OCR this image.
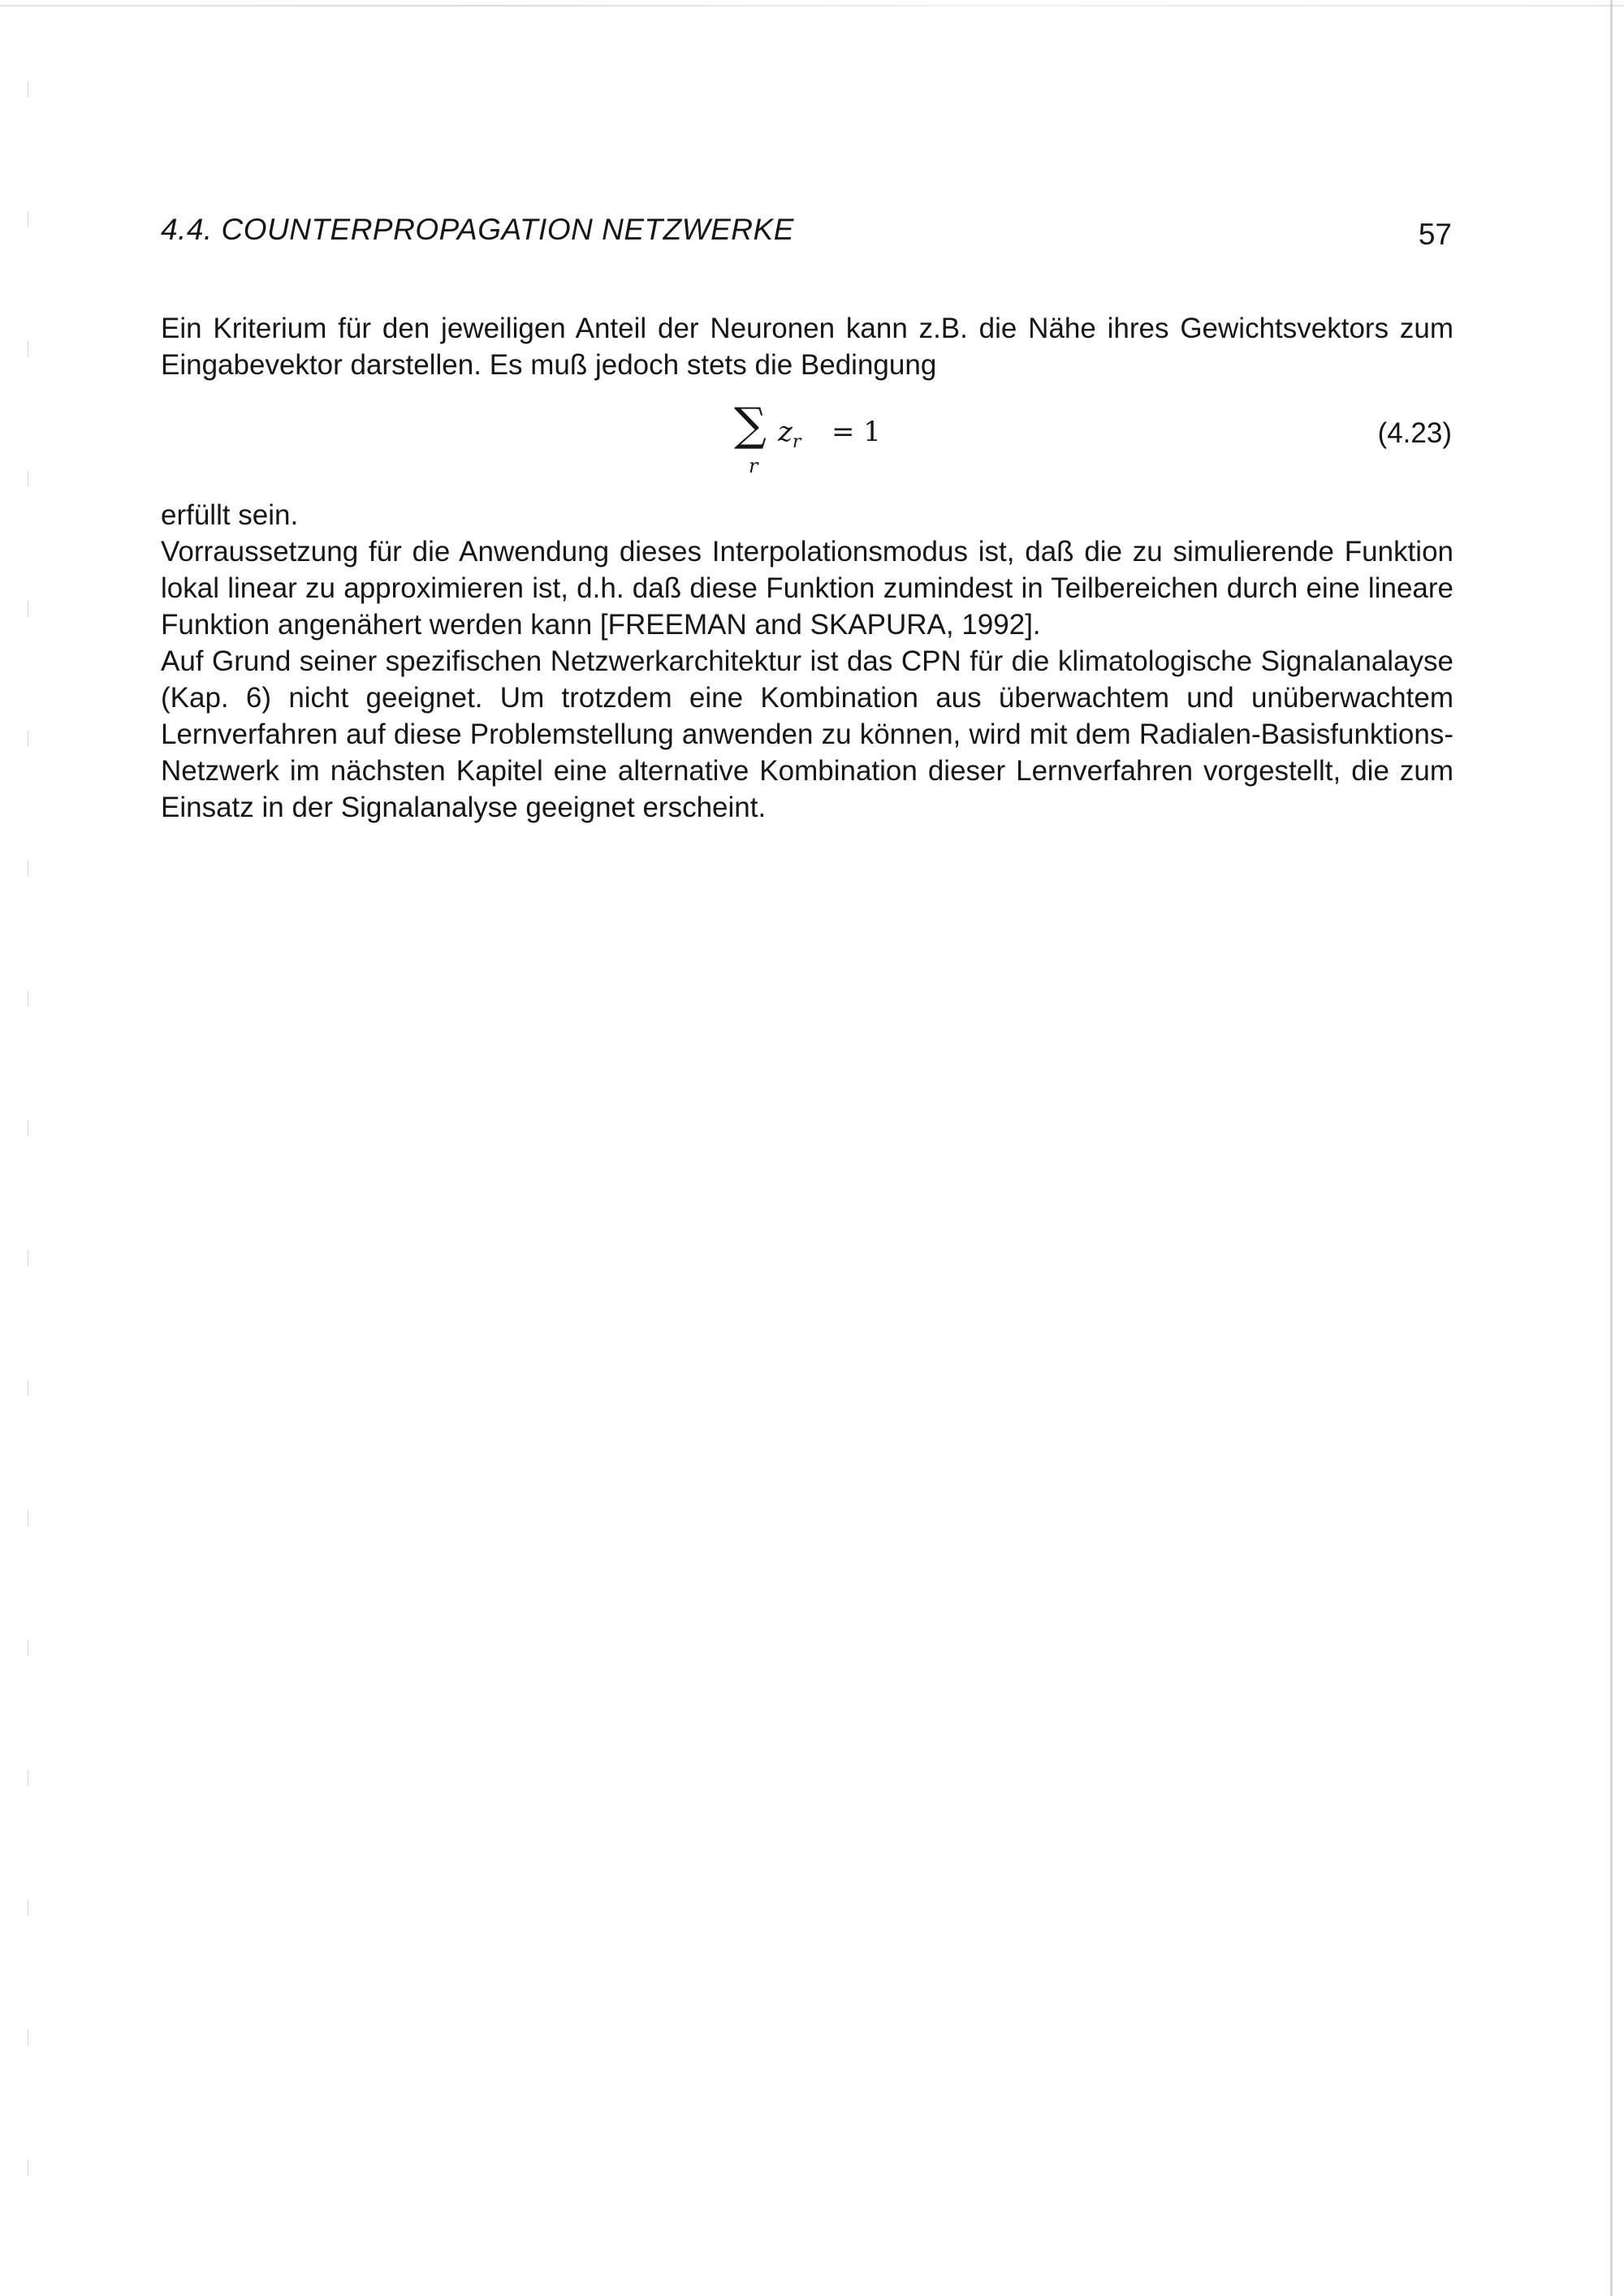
4.4. COUNTERPROPAGATION NETZWERKE	57

Ein Kriterium für den jeweiligen Anteil der Neuronen kann z.B. die Nähe ihres Gewichtsvektors zum Eingabevektor darstellen. Es muß jedoch stets die Bedingung

∑
r
$z_r = 1$	(4.23)

erfüllt sein.

Vorraussetzung für die Anwendung dieses Interpolationsmodus ist, daß die zu simulierende Funktion lokal linear zu approximieren ist, d.h. daß diese Funktion zumindest in Teilbereichen durch eine lineare Funktion angenähert werden kann [FREEMAN and SKAPURA, 1992].

Auf Grund seiner spezifischen Netzwerkarchitektur ist das CPN für die klimatologische Signalanalayse (Kap. 6) nicht geeignet. Um trotzdem eine Kombination aus überwachtem und unüberwachtem Lernverfahren auf diese Problemstellung anwenden zu können, wird mit dem Radialen-Basisfunktions-Netzwerk im nächsten Kapitel eine alternative Kombination dieser Lernverfahren vorgestellt, die zum Einsatz in der Signalanalyse geeignet erscheint.
